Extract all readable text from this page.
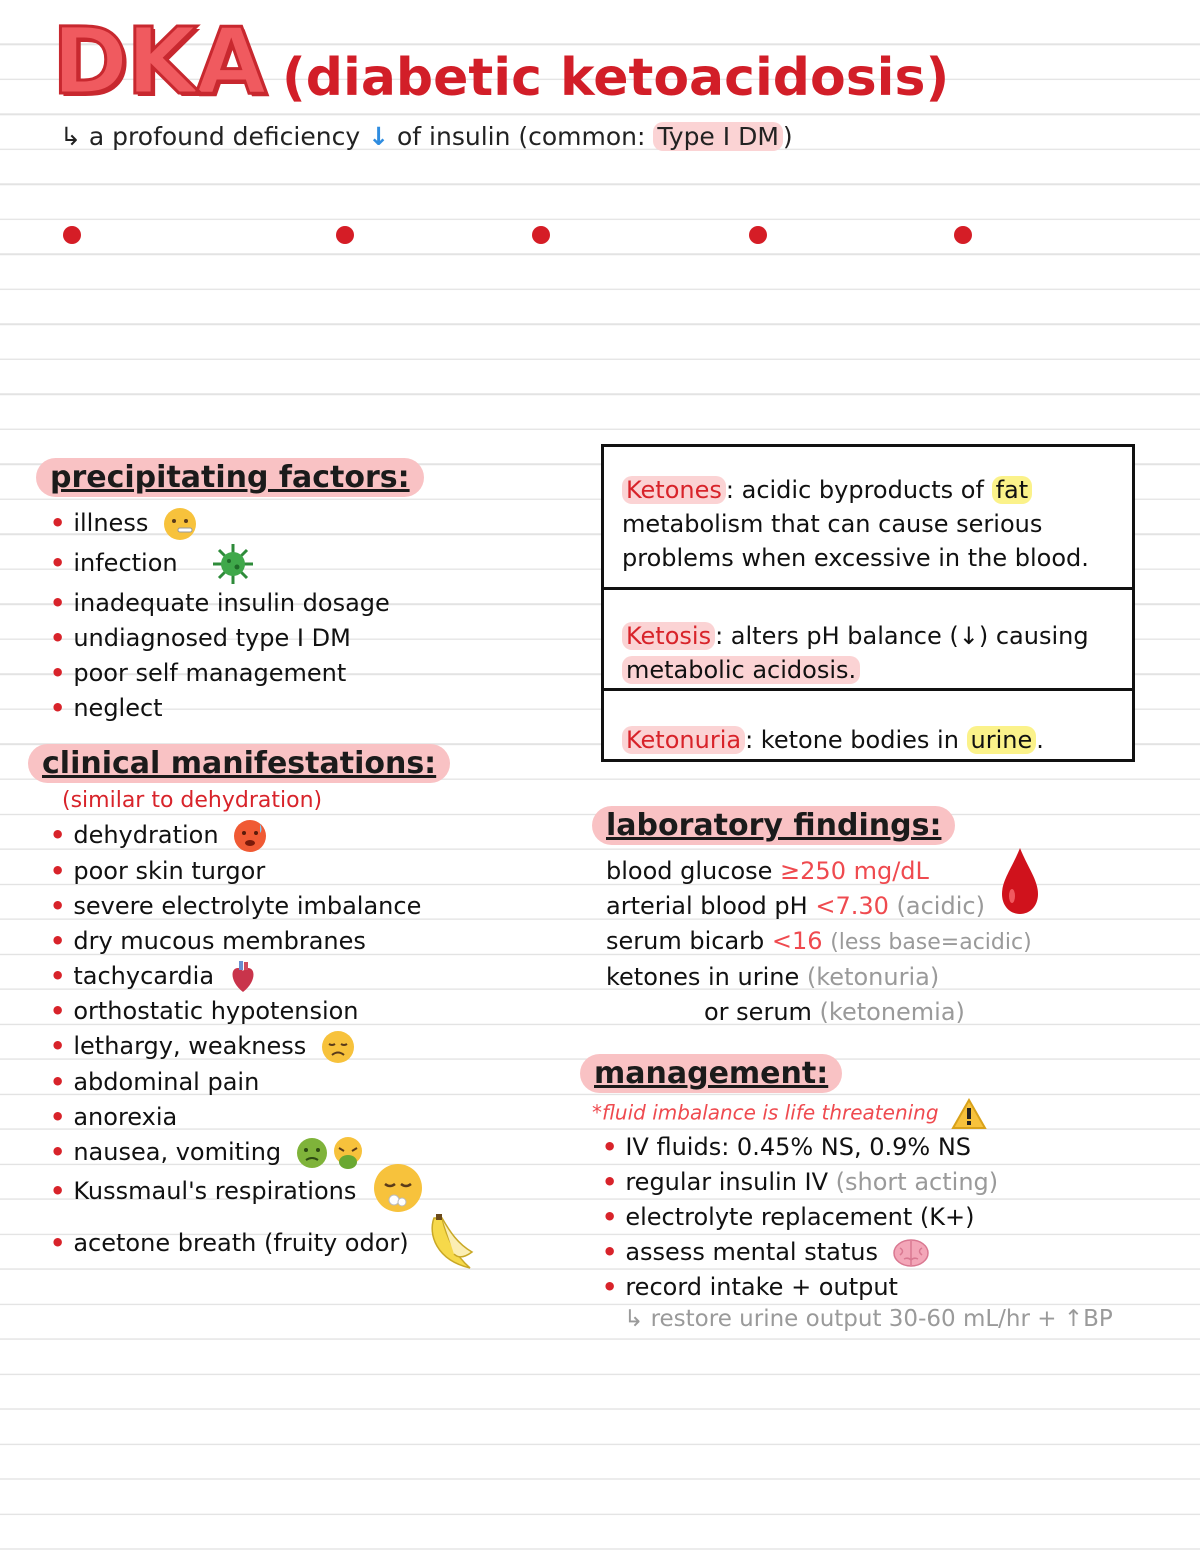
DKA (diabetic ketoacidosis)
↳ a profound deficiency ↓ of insulin (common: Type I DM )
precipitating factors:
• illness
• infection
• inadequate insulin dosage
• undiagnosed type I DM
• poor self management
• neglect
clinical manifestations:
(similar to dehydration)
• dehydration
• poor skin turgor
• severe electrolyte imbalance
• dry mucous membranes
• tachycardia
• orthostatic hypotension
• lethargy, weakness
• abdominal pain
• anorexia
• nausea, vomiting
• Kussmaul's respirations
• acetone breath (fruity odor)
Ketones : acidic byproducts of fat metabolism that can cause serious problems when excessive in the blood.
Ketosis : alters pH balance (↓) causing metabolic acidosis.
Ketonuria : ketone bodies in urine .
laboratory findings:
blood glucose ≥250 mg/dL
arterial blood pH <7.30 (acidic)
serum bicarb <16 (less base=acidic)
ketones in urine (ketonuria)
or serum (ketonemia)
management:
*fluid imbalance is life threatening
• IV fluids: 0.45% NS, 0.9% NS
• regular insulin IV (short acting)
• electrolyte replacement (K+)
• assess mental status
• record intake + output
↳ restore urine output 30-60 mL/hr + ↑BP
